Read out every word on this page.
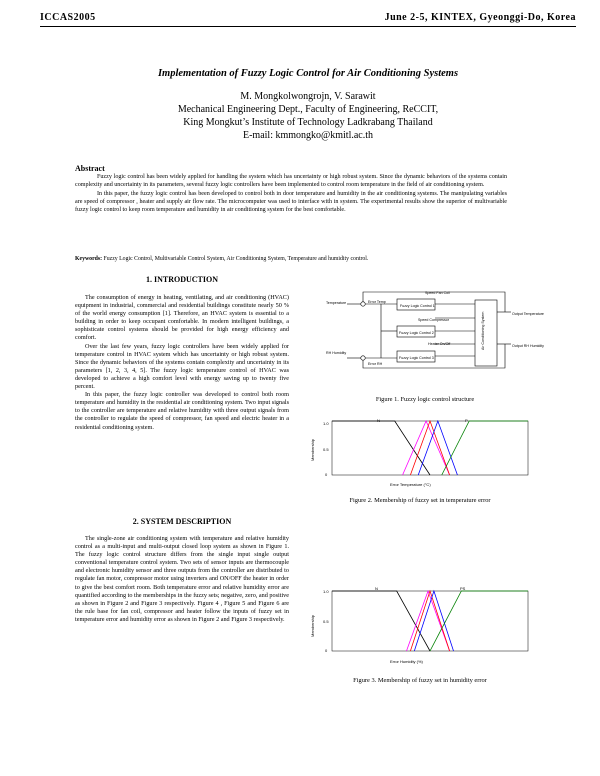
ICCAS2005	June 2-5, KINTEX, Gyeonggi-Do, Korea
Implementation of Fuzzy Logic Control for Air Conditioning Systems
M. Mongkolwongrojn, V. Sarawit
Mechanical Engineering Dept., Faculty of Engineering, ReCCIT,
King Mongkut’s Institute of Technology Ladkrabang Thailand
E-mail: kmmongko@kmitl.ac.th
Abstract

Fuzzy logic control has been widely applied for handling the system which has uncertainty or high robust system. Since the dynamic behaviors of the systems contain complexity and uncertainty in its parameters, several fuzzy logic controllers have been implemented to control room temperature in the field of air conditioning system.

In this paper, the fuzzy logic control has been developed to control both in door temperature and humidity in the air conditioning systems. The manipulating variables are speed of compressor , heater and supply air flow rate. The microcomputer was used to interface with in system. The experimental results show the superior of multivariable fuzzy logic control to keep room temperature and humidity in air conditioning system for the best comfortable.

Keywords: Fuzzy Logic Control, Multivariable Control System, Air Conditioning System, Temperature and humidity control.
1. INTRODUCTION

The consumption of energy in heating, ventilating, and air conditioning (HVAC) equipment in industrial, commercial and residential buildings constitute nearly 50 % of the world energy consumption [1]. Therefore, an HVAC system is essential to a building in order to keep occupant comfortable. In modern intelligent buildings, a sophisticate control systems should be provided for high energy efficiency and comfort.

Over the last few years, fuzzy logic controllers have been widely applied for temperature control in HVAC system which has uncertainty or high robust system. Since the dynamic behaviors of the systems contain complexity and uncertainty in its parameters [1, 2, 3, 4, 5]. The fuzzy logic temperature control of HVAC was developed to achieve a high comfort level with energy saving up to twenty five percent.

In this paper, the fuzzy logic controller was developed to control both room temperature and humidity in the residential air conditioning system. Two input signals to the controller are temperature and relative humidity with three output signals from the controller to regulate the speed of compressor, fan speed and electric heater in a residential conditioning system.

2. SYSTEM DESCRIPTION

The single-zone air conditioning system with temperature and relative humidity control as a multi-input and multi-output closed loop system as shown in Figure 1. The fuzzy logic control structure differs from the single input single output conventional temperature control system. Two sets of sensor inputs are thermocouple and electronic humidity sensor and three outputs from the controller are distributed to regulate fan motor, compressor motor using inverters and ON/OFF the heater in order to give the best comfort room. Both temperature error and relative humidity error are quantified according to the memberships in the fuzzy sets; negative, zero, and positive as shown in Figure 2 and Figure 3 respectively. Figure 4 , Figure 5 and Figure 6 are the rule base for fan coil, compressor and heater follow the inputs of fuzzy set in temperature error and humidity error as shown in Figure 2 and Figure 3 respectively.

Speed Fan Coil
Temperature	Error Temp
Fuzzy Logic Control 1
Speed Compressor
Fuzzy Logic Control 2
Heater On/Off
Fuzzy Logic Control 3
RH Humidity
Error RH
Output Temperature
Output RH Humidity
Air Conditioning System
Figure 1. Fuzzy logic control structure
1.0
0.5
0
N	P
Membership
Error Temperature (°C)
Figure 2. Membership of fuzzy set in temperature error
1.0
0.5
0
N	PS
Membership
Error Humidity (%)
Figure 3. Membership of fuzzy set in humidity error
